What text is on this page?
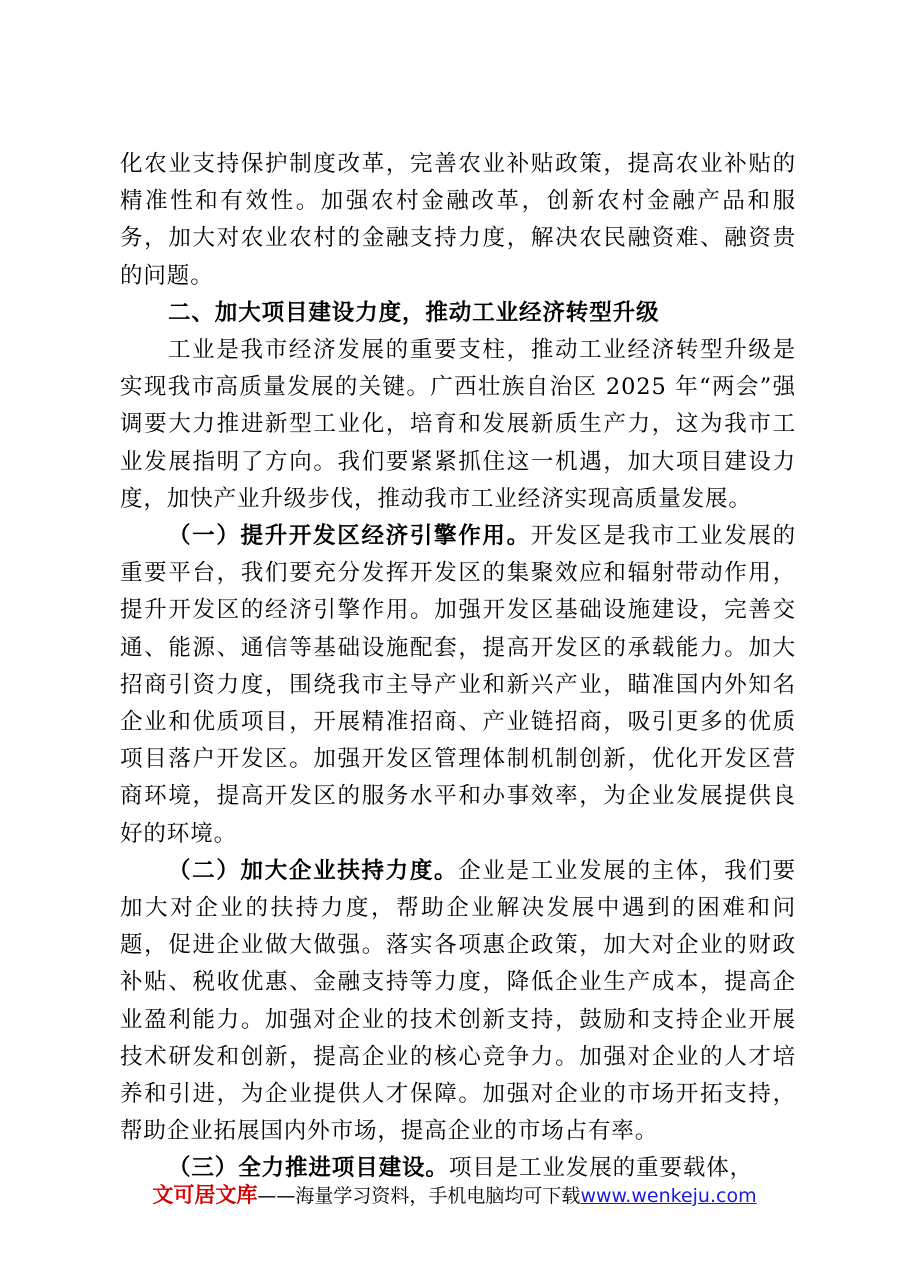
化农业支持保护制度改革，完善农业补贴政策，提高农业补贴的精准性和有效性。加强农村金融改革，创新农村金融产品和服务，加大对农业农村的金融支持力度，解决农民融资难、融资贵的问题。

二、加大项目建设力度，推动工业经济转型升级

工业是我市经济发展的重要支柱，推动工业经济转型升级是实现我市高质量发展的关键。广西壮族自治区 2025 年“两会”强调要大力推进新型工业化，培育和发展新质生产力，这为我市工业发展指明了方向。我们要紧紧抓住这一机遇，加大项目建设力度，加快产业升级步伐，推动我市工业经济实现高质量发展。

（一）提升开发区经济引擎作用。开发区是我市工业发展的重要平台，我们要充分发挥开发区的集聚效应和辐射带动作用，提升开发区的经济引擎作用。加强开发区基础设施建设，完善交通、能源、通信等基础设施配套，提高开发区的承载能力。加大招商引资力度，围绕我市主导产业和新兴产业，瞄准国内外知名企业和优质项目，开展精准招商、产业链招商，吸引更多的优质项目落户开发区。加强开发区管理体制机制创新，优化开发区营商环境，提高开发区的服务水平和办事效率，为企业发展提供良好的环境。

（二）加大企业扶持力度。企业是工业发展的主体，我们要加大对企业的扶持力度，帮助企业解决发展中遇到的困难和问题，促进企业做大做强。落实各项惠企政策，加大对企业的财政补贴、税收优惠、金融支持等力度，降低企业生产成本，提高企业盈利能力。加强对企业的技术创新支持，鼓励和支持企业开展技术研发和创新，提高企业的核心竞争力。加强对企业的人才培养和引进，为企业提供人才保障。加强对企业的市场开拓支持，帮助企业拓展国内外市场，提高企业的市场占有率。

（三）全力推进项目建设。项目是工业发展的重要载体，

文可居文库——海量学习资料，手机电脑均可下载www.wenkeju.com
